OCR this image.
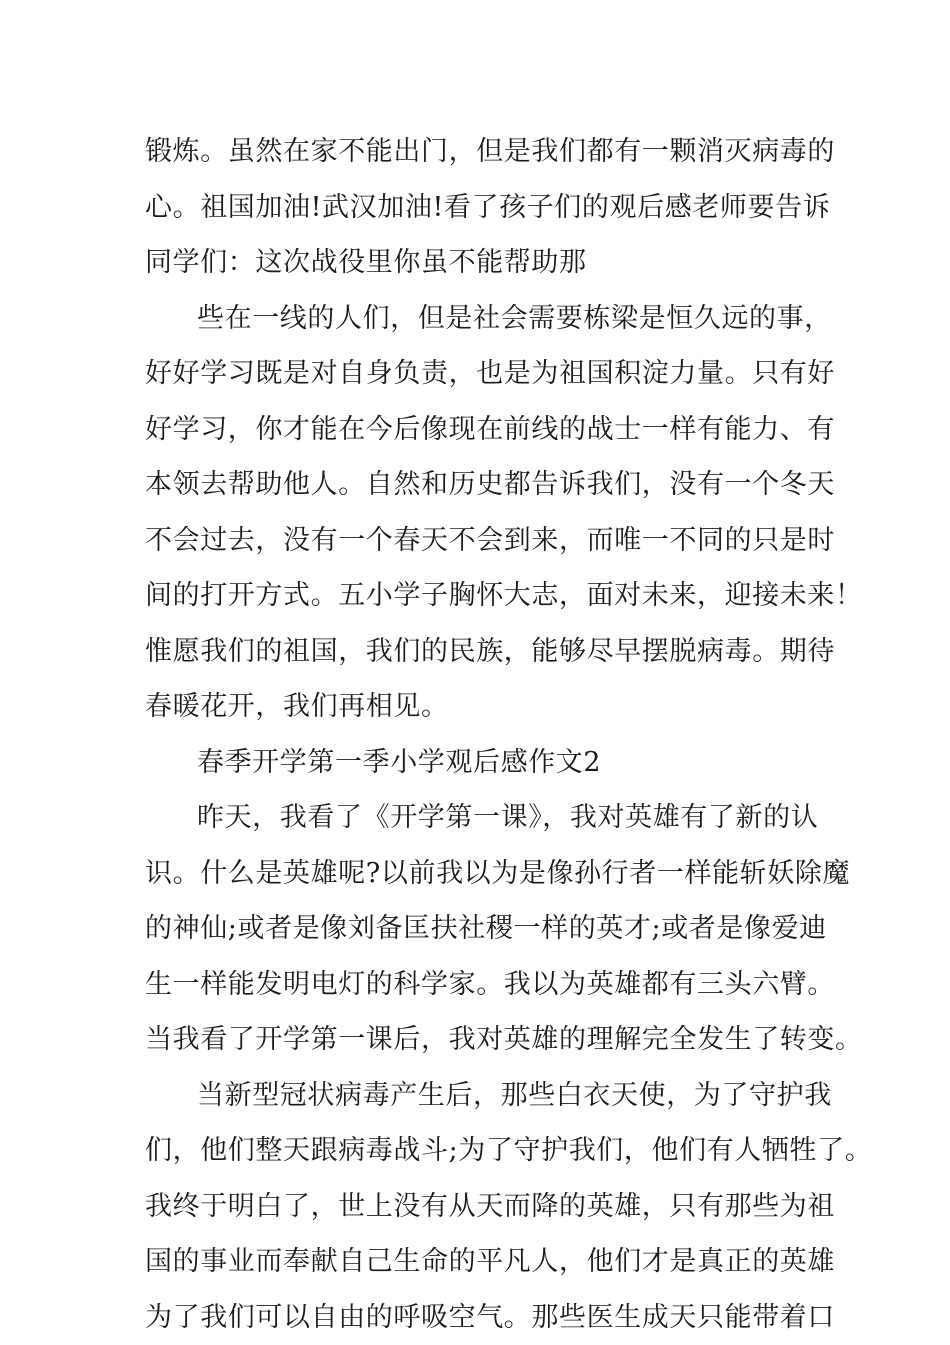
锻炼。虽然在家不能出门，但是我们都有一颗消灭病毒的
心。祖国加油!武汉加油!看了孩子们的观后感老师要告诉
同学们：这次战役里你虽不能帮助那
些在一线的人们，但是社会需要栋梁是恒久远的事，
好好学习既是对自身负责，也是为祖国积淀力量。只有好
好学习，你才能在今后像现在前线的战士一样有能力、有
本领去帮助他人。自然和历史都告诉我们，没有一个冬天
不会过去，没有一个春天不会到来，而唯一不同的只是时
间的打开方式。五小学子胸怀大志，面对未来，迎接未来！
惟愿我们的祖国，我们的民族，能够尽早摆脱病毒。期待
春暖花开，我们再相见。
春季开学第一季小学观后感作文2
昨天，我看了《开学第一课》，我对英雄有了新的认
识。什么是英雄呢?以前我以为是像孙行者一样能斩妖除魔
的神仙;或者是像刘备匡扶社稷一样的英才;或者是像爱迪
生一样能发明电灯的科学家。我以为英雄都有三头六臂。
当我看了开学第一课后，我对英雄的理解完全发生了转变。
当新型冠状病毒产生后，那些白衣天使，为了守护我
们，他们整天跟病毒战斗;为了守护我们，他们有人牺牲了。
我终于明白了，世上没有从天而降的英雄，只有那些为祖
国的事业而奉献自己生命的平凡人，他们才是真正的英雄
为了我们可以自由的呼吸空气。那些医生成天只能带着口
